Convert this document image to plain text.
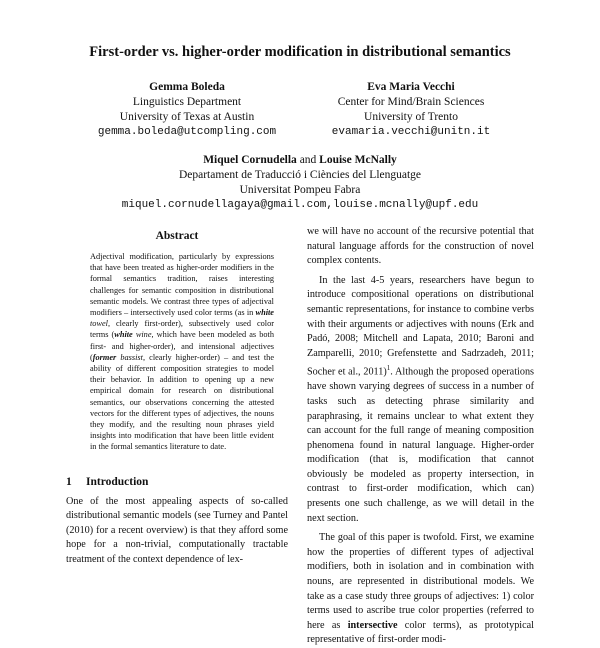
First-order vs. higher-order modification in distributional semantics
Gemma Boleda
Linguistics Department
University of Texas at Austin
gemma.boleda@utcompling.com
Eva Maria Vecchi
Center for Mind/Brain Sciences
University of Trento
evamaria.vecchi@unitn.it
Miquel Cornudella and Louise McNally
Departament de Traducció i Ciències del Llenguatge
Universitat Pompeu Fabra
miquel.cornudellagaya@gmail.com,louise.mcnally@upf.edu
Abstract

Adjectival modification, particularly by expressions that have been treated as higher-order modifiers in the formal semantics tradition, raises interesting challenges for semantic composition in distributional semantic models. We contrast three types of adjectival modifiers – intersectively used color terms (as in white towel, clearly first-order), subsectively used color terms (white wine, which have been modeled as both first- and higher-order), and intensional adjectives (former bassist, clearly higher-order) – and test the ability of different composition strategies to model their behavior. In addition to opening up a new empirical domain for research on distributional semantics, our observations concerning the attested vectors for the different types of adjectives, the nouns they modify, and the resulting noun phrases yield insights into modification that have been little evident in the formal semantics literature to date.

1 Introduction

One of the most appealing aspects of so-called distributional semantic models (see Turney and Pantel (2010) for a recent overview) is that they afford some hope for a non-trivial, computationally tractable treatment of the context dependence of lex-

we will have no account of the recursive potential that natural language affords for the construction of novel complex contents.

In the last 4-5 years, researchers have begun to introduce compositional operations on distributional semantic representations, for instance to combine verbs with their arguments or adjectives with nouns (Erk and Padó, 2008; Mitchell and Lapata, 2010; Baroni and Zamparelli, 2010; Grefenstette and Sadrzadeh, 2011; Socher et al., 2011)$^1$. Although the proposed operations have shown varying degrees of success in a number of tasks such as detecting phrase similarity and paraphrasing, it remains unclear to what extent they can account for the full range of meaning composition phenomena found in natural language. Higher-order modification (that is, modification that cannot obviously be modeled as property intersection, in contrast to first-order modification, which can) presents one such challenge, as we will detail in the next section.

The goal of this paper is twofold. First, we examine how the properties of different types of adjectival modifiers, both in isolation and in combination with nouns, are represented in distributional models. We take as a case study three groups of adjectives: 1) color terms used to ascribe true color properties (referred to here as intersective color terms), as prototypical representative of first-order modi-
